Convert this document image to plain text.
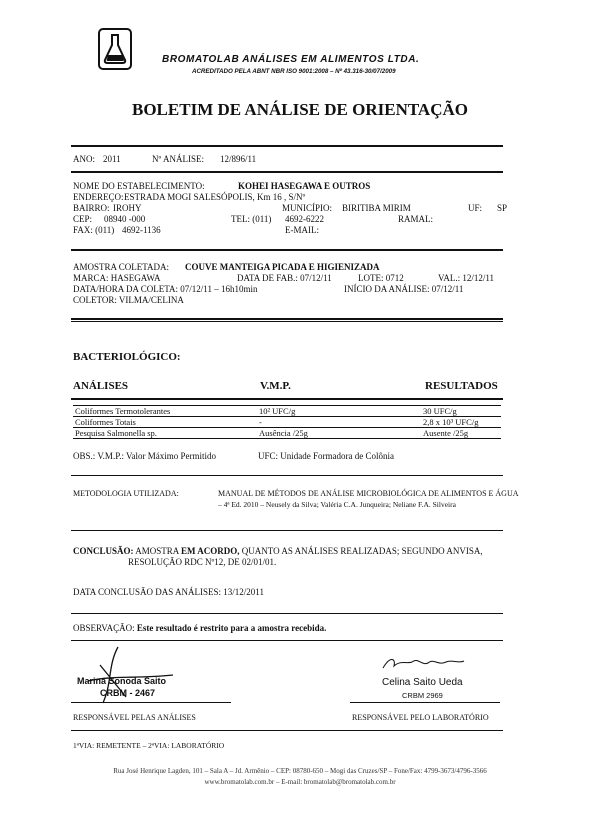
BROMATOLAB ANÁLISES EM ALIMENTOS LTDA.
ACREDITADO PELA ABNT NBR ISO 9001:2008 – Nº 43.316-30/07/2009
BOLETIM DE ANÁLISE DE ORIENTAÇÃO
ANO: 2011	Nº ANÁLISE: 12/896/11
NOME DO ESTABELECIMENTO:	KOHEI HASEGAWA E OUTROS
ENDEREÇO: ESTRADA MOGI SALESÓPOLIS, Km 16 , S/Nº
BAIRRO: IROHY	MUNICÍPIO: BIRITIBA MIRIM	UF: SP
CEP: 08940 -000	TEL: (011) 4692-6222	RAMAL:
FAX: (011) 4692-1136	E-MAIL:
AMOSTRA COLETADA: COUVE MANTEIGA PICADA E HIGIENIZADA
MARCA: HASEGAWA	DATA DE FAB.: 07/12/11	LOTE: 0712	VAL.: 12/12/11
DATA/HORA DA COLETA: 07/12/11 – 16h10min	INÍCIO DA ANÁLISE: 07/12/11
COLETOR: VILMA/CELINA
BACTERIOLÓGICO:
ANÁLISES	V.M.P.	RESULTADOS
Coliformes Termotolerantes	10² UFC/g	30 UFC/g
Coliformes Totais	-	2,8 x 10³ UFC/g
Pesquisa Salmonella sp.	Ausência /25g	Ausente /25g
OBS.: V.M.P.: Valor Máximo Permitido	UFC: Unidade Formadora de Colônia
METODOLOGIA UTILIZADA:	MANUAL DE MÉTODOS DE ANÁLISE MICROBIOLÓGICA DE ALIMENTOS E ÁGUA
– 4ª Ed. 2010 – Neusely da Silva; Valéria C.A. Junqueira; Neliane F.A. Silveira
CONCLUSÃO: AMOSTRA EM ACORDO, QUANTO AS ANÁLISES REALIZADAS; SEGUNDO ANVISA,
RESOLUÇÃO RDC Nº12, DE 02/01/01.
DATA CONCLUSÃO DAS ANÁLISES: 13/12/2011
OBSERVAÇÃO: Este resultado é restrito para a amostra recebida.
Marina Sonoda Saito
CRBM - 2467
RESPONSÁVEL PELAS ANÁLISES
Celina Saito Ueda
CRBM 2969
RESPONSÁVEL PELO LABORATÓRIO
1ªVIA: REMETENTE – 2ªVIA: LABORATÓRIO
Rua José Henrique Lagden, 101 – Sala A – Jd. Armênio – CEP: 08780-650 – Mogi das Cruzes/SP – Fone/Fax: 4799-3673/4796-3566
www.bromatolab.com.br – E-mail: bromatolab@bromatolab.com.br
